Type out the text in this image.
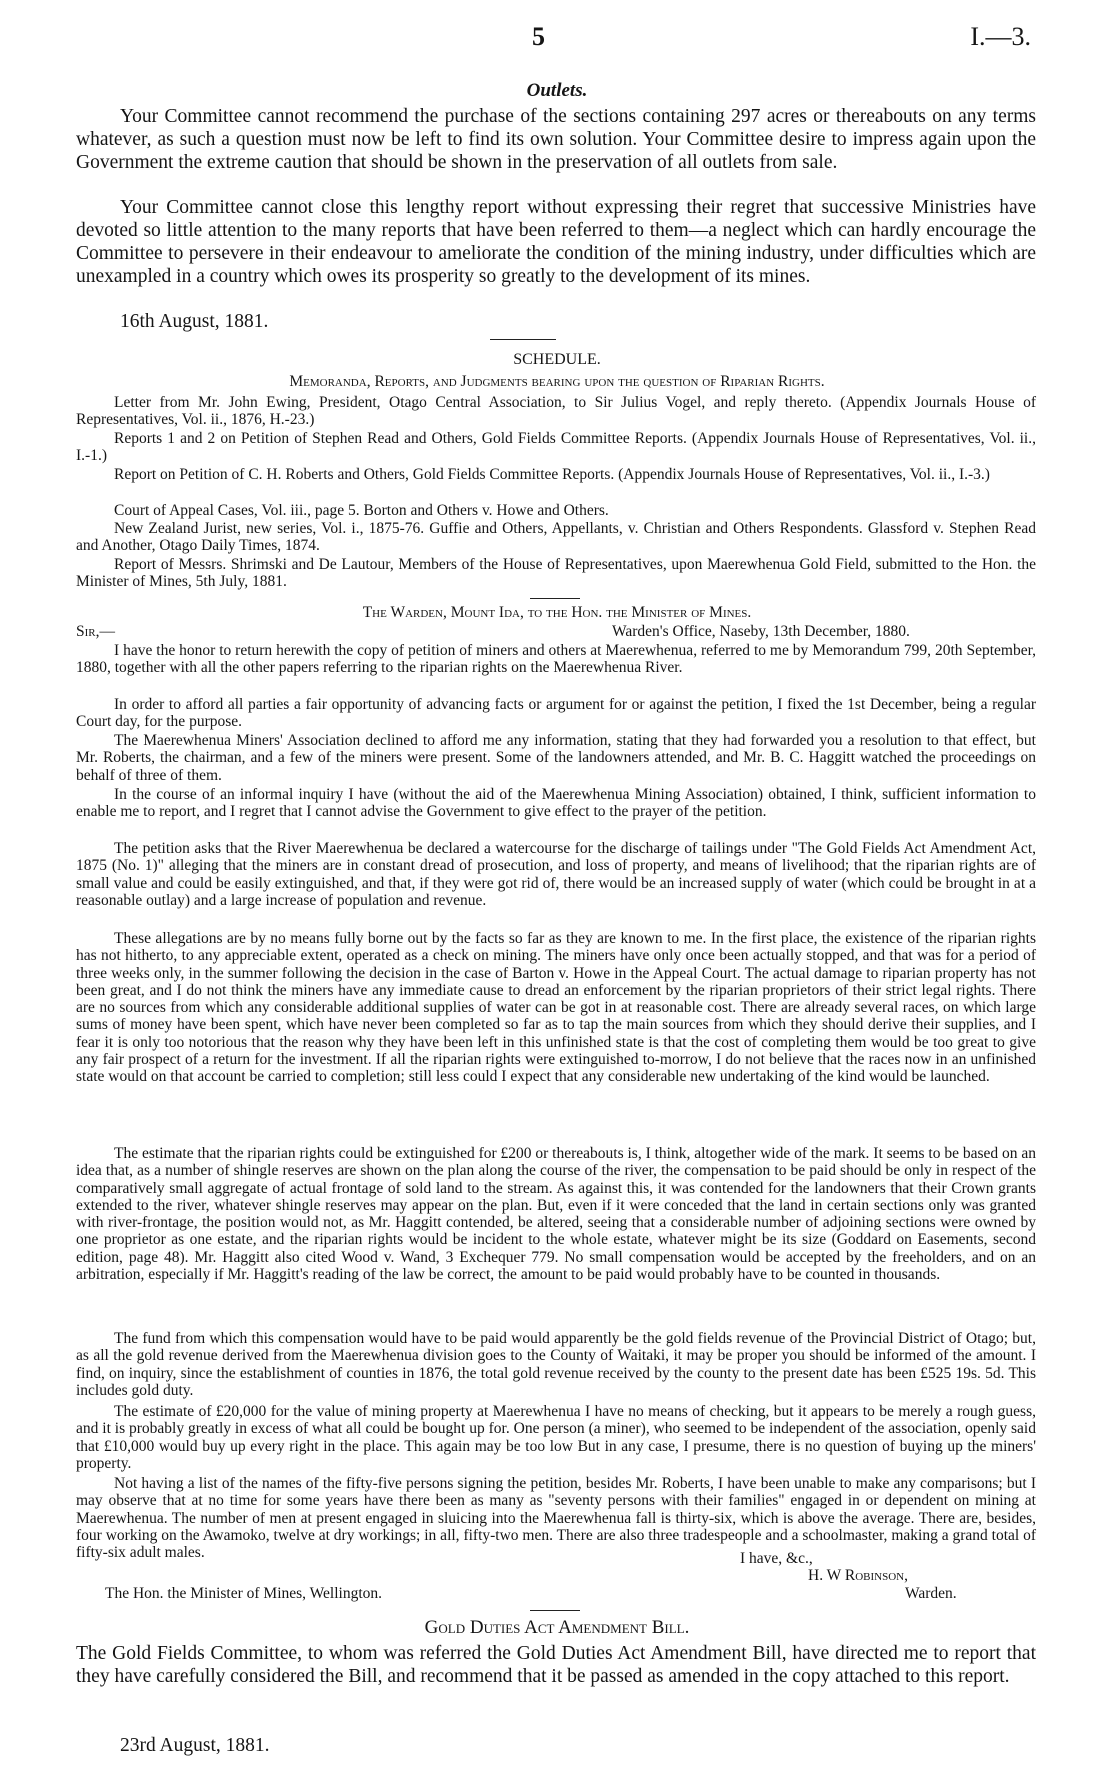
5	I.—3.
Outlets.

Your Committee cannot recommend the purchase of the sections containing 297 acres or thereabouts on any terms whatever, as such a question must now be left to find its own solution. Your Committee desire to impress again upon the Government the extreme caution that should be shown in the preservation of all outlets from sale.

Your Committee cannot close this lengthy report without expressing their regret that successive Ministries have devoted so little attention to the many reports that have been referred to them—a neglect which can hardly encourage the Committee to persevere in their endeavour to ameliorate the condition of the mining industry, under difficulties which are unexampled in a country which owes its prosperity so greatly to the development of its mines.

16th August, 1881.

SCHEDULE.
Memoranda, Reports, and Judgments bearing upon the question of Riparian Rights.

Letter from Mr. John Ewing, President, Otago Central Association, to Sir Julius Vogel, and reply thereto. (Appendix Journals House of Representatives, Vol. ii., 1876, H.-23.)

Reports 1 and 2 on Petition of Stephen Read and Others, Gold Fields Committee Reports. (Appendix Journals House of Representatives, Vol. ii., I.-1.)

Report on Petition of C. H. Roberts and Others, Gold Fields Committee Reports. (Appendix Journals House of Representatives, Vol. ii., I.-3.)

Court of Appeal Cases, Vol. iii., page 5. Borton and Others v. Howe and Others.

New Zealand Jurist, new series, Vol. i., 1875-76. Guffie and Others, Appellants, v. Christian and Others Respondents. Glassford v. Stephen Read and Another, Otago Daily Times, 1874.

Report of Messrs. Shrimski and De Lautour, Members of the House of Representatives, upon Maerewhenua Gold Field, submitted to the Hon. the Minister of Mines, 5th July, 1881.

The Warden, Mount Ida, to the Hon. the Minister of Mines.
Sir,—	Warden's Office, Naseby, 13th December, 1880.

I have the honor to return herewith the copy of petition of miners and others at Maerewhenua, referred to me by Memorandum 799, 20th September, 1880, together with all the other papers referring to the riparian rights on the Maerewhenua River.

In order to afford all parties a fair opportunity of advancing facts or argument for or against the petition, I fixed the 1st December, being a regular Court day, for the purpose.

The Maerewhenua Miners' Association declined to afford me any information, stating that they had forwarded you a resolution to that effect, but Mr. Roberts, the chairman, and a few of the miners were present. Some of the landowners attended, and Mr. B. C. Haggitt watched the proceedings on behalf of three of them.

In the course of an informal inquiry I have (without the aid of the Maerewhenua Mining Association) obtained, I think, sufficient information to enable me to report, and I regret that I cannot advise the Government to give effect to the prayer of the petition.

The petition asks that the River Maerewhenua be declared a watercourse for the discharge of tailings under "The Gold Fields Act Amendment Act, 1875 (No. 1)" alleging that the miners are in constant dread of prosecution, and loss of property, and means of livelihood; that the riparian rights are of small value and could be easily extinguished, and that, if they were got rid of, there would be an increased supply of water (which could be brought in at a reasonable outlay) and a large increase of population and revenue.

These allegations are by no means fully borne out by the facts so far as they are known to me. In the first place, the existence of the riparian rights has not hitherto, to any appreciable extent, operated as a check on mining. The miners have only once been actually stopped, and that was for a period of three weeks only, in the summer following the decision in the case of Barton v. Howe in the Appeal Court. The actual damage to riparian property has not been great, and I do not think the miners have any immediate cause to dread an enforcement by the riparian proprietors of their strict legal rights. There are no sources from which any considerable additional supplies of water can be got in at reasonable cost. There are already several races, on which large sums of money have been spent, which have never been completed so far as to tap the main sources from which they should derive their supplies, and I fear it is only too notorious that the reason why they have been left in this unfinished state is that the cost of completing them would be too great to give any fair prospect of a return for the investment. If all the riparian rights were extinguished to-morrow, I do not believe that the races now in an unfinished state would on that account be carried to completion; still less could I expect that any considerable new undertaking of the kind would be launched.

The estimate that the riparian rights could be extinguished for £200 or thereabouts is, I think, altogether wide of the mark. It seems to be based on an idea that, as a number of shingle reserves are shown on the plan along the course of the river, the compensation to be paid should be only in respect of the comparatively small aggregate of actual frontage of sold land to the stream. As against this, it was contended for the landowners that their Crown grants extended to the river, whatever shingle reserves may appear on the plan. But, even if it were conceded that the land in certain sections only was granted with river-frontage, the position would not, as Mr. Haggitt contended, be altered, seeing that a considerable number of adjoining sections were owned by one proprietor as one estate, and the riparian rights would be incident to the whole estate, whatever might be its size (Goddard on Easements, second edition, page 48). Mr. Haggitt also cited Wood v. Wand, 3 Exchequer 779. No small compensation would be accepted by the freeholders, and on an arbitration, especially if Mr. Haggitt's reading of the law be correct, the amount to be paid would probably have to be counted in thousands.

The fund from which this compensation would have to be paid would apparently be the gold fields revenue of the Provincial District of Otago; but, as all the gold revenue derived from the Maerewhenua division goes to the County of Waitaki, it may be proper you should be informed of the amount. I find, on inquiry, since the establishment of counties in 1876, the total gold revenue received by the county to the present date has been £525 19s. 5d. This includes gold duty.

The estimate of £20,000 for the value of mining property at Maerewhenua I have no means of checking, but it appears to be merely a rough guess, and it is probably greatly in excess of what all could be bought up for. One person (a miner), who seemed to be independent of the association, openly said that £10,000 would buy up every right in the place. This again may be too low But in any case, I presume, there is no question of buying up the miners' property.

Not having a list of the names of the fifty-five persons signing the petition, besides Mr. Roberts, I have been unable to make any comparisons; but I may observe that at no time for some years have there been as many as "seventy persons with their families" engaged in or dependent on mining at Maerewhenua. The number of men at present engaged in sluicing into the Maerewhenua fall is thirty-six, which is above the average. There are, besides, four working on the Awamoko, twelve at dry workings; in all, fifty-two men. There are also three tradespeople and a schoolmaster, making a grand total of fifty-six adult males.	I have, &c.,
H. W Robinson,
The Hon. the Minister of Mines, Wellington.	Warden.
Gold Duties Act Amendment Bill.

The Gold Fields Committee, to whom was referred the Gold Duties Act Amendment Bill, have directed me to report that they have carefully considered the Bill, and recommend that it be passed as amended in the copy attached to this report.

23rd August, 1881.
